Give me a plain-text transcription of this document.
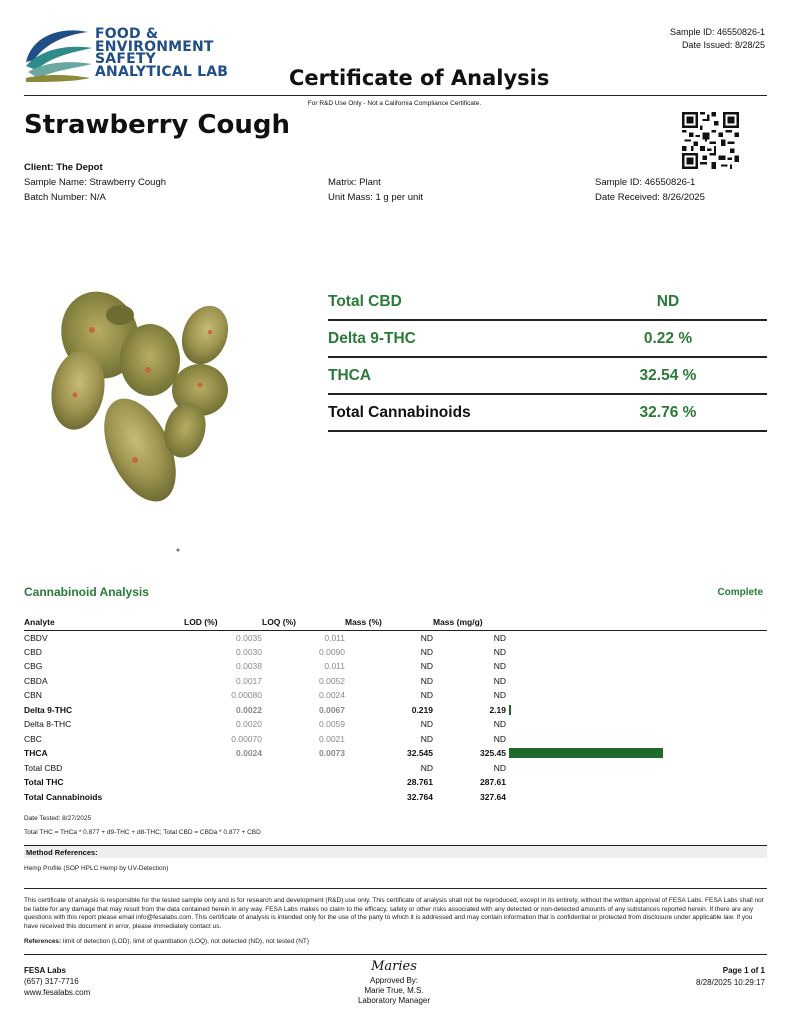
FOOD &
ENVIRONMENT
SAFETY
ANALYTICAL LAB
Sample ID: 46550826-1
Date Issued: 8/28/25
Certificate of Analysis
For R&D Use Only - Not a California Compliance Certificate.
Strawberry Cough
Client: The Depot
Sample Name: Strawberry Cough
Batch Number: N/A
Matrix: Plant
Unit Mass: 1 g per unit
Sample ID: 46550826-1
Date Received: 8/26/2025
Total CBD	ND
Delta 9-THC	0.22 %
THCA	32.54 %
Total Cannabinoids	32.76 %
Cannabinoid Analysis	Complete
Analyte	LOD (%)	LOQ (%)	Mass (%)	Mass (mg/g)	
CBDV	0.0035	0.011	ND	ND	
CBD	0.0030	0.0090	ND	ND	
CBG	0.0038	0.011	ND	ND	
CBDA	0.0017	0.0052	ND	ND	
CBN	0.00080	0.0024	ND	ND	
Delta 9-THC	0.0022	0.0067	0.219	2.19	

Delta 8-THC	0.0020	0.0059	ND	ND	
CBC	0.00070	0.0021	ND	ND	
THCA	0.0024	0.0073	32.545	325.45	

Total CBD			ND	ND	
Total THC			28.761	287.61	
Total Cannabinoids			32.764	327.64	
Date Tested: 8/27/2025
Total THC = THCa * 0.877 + d9-THC + d8-THC; Total CBD = CBDa * 0.877 + CBD
Method References:
Hemp Profile (SOP HPLC Hemp by UV-Detection)
This certificate of analysis is responsible for the tested sample only and is for research and development (R&D) use only. This certificate of analysis shall not be reproduced, except in its entirety, without the written approval of FESA Labs. FESA Labs shall not be liable for any damage that may result from the data contained herein in any way. FESA Labs makes no claim to the efficacy, safety or other risks associated with any detected or non-detected amounts of any substances reported herein. If there are any questions with this report please email info@fesalabs.com. This certificate of analysis is intended only for the use of the party to which it is addressed and may contain information that is confidential or protected from disclosure under applicable law. If you have received this document in error, please immediately contact us.
References: limit of detection (LOD), limit of quantitation (LOQ), not detected (ND), not tested (NT)
FESA Labs
(657) 317-7716
www.fesalabs.com
Maries
Approved By:
Marie True, M.S.
Laboratory Manager
Page 1 of 1
8/28/2025 10:29:17
